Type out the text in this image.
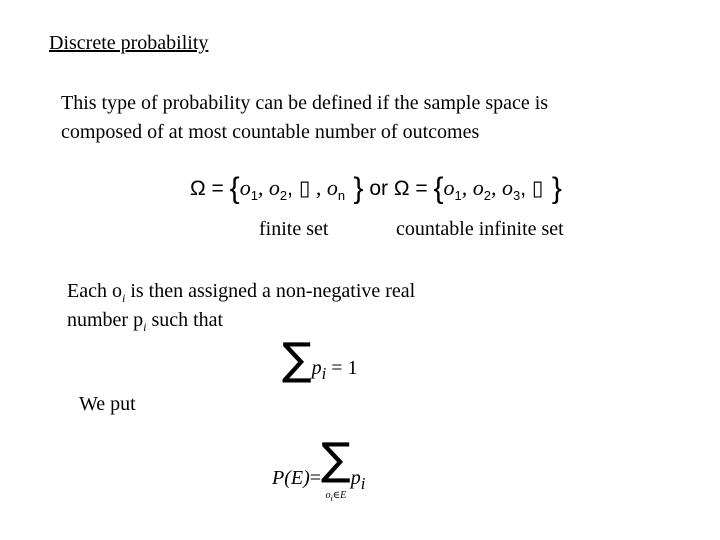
Discrete probability
This type of probability can be defined if the sample space is
composed of at most countable number of outcomes
$\Omega = \{o_1$, $o_2$, ▯ , $o_n$ } or $\Omega = \{o_1$, $o_2$, $o_3$, ▯ }
finite set	countable infinite set
Each $o_i$ is then assigned a non-negative real
number $p_i$ such that
$\sum p_i = 1$
We put
P(E)= ∑
$o_i\in Ep_i$
